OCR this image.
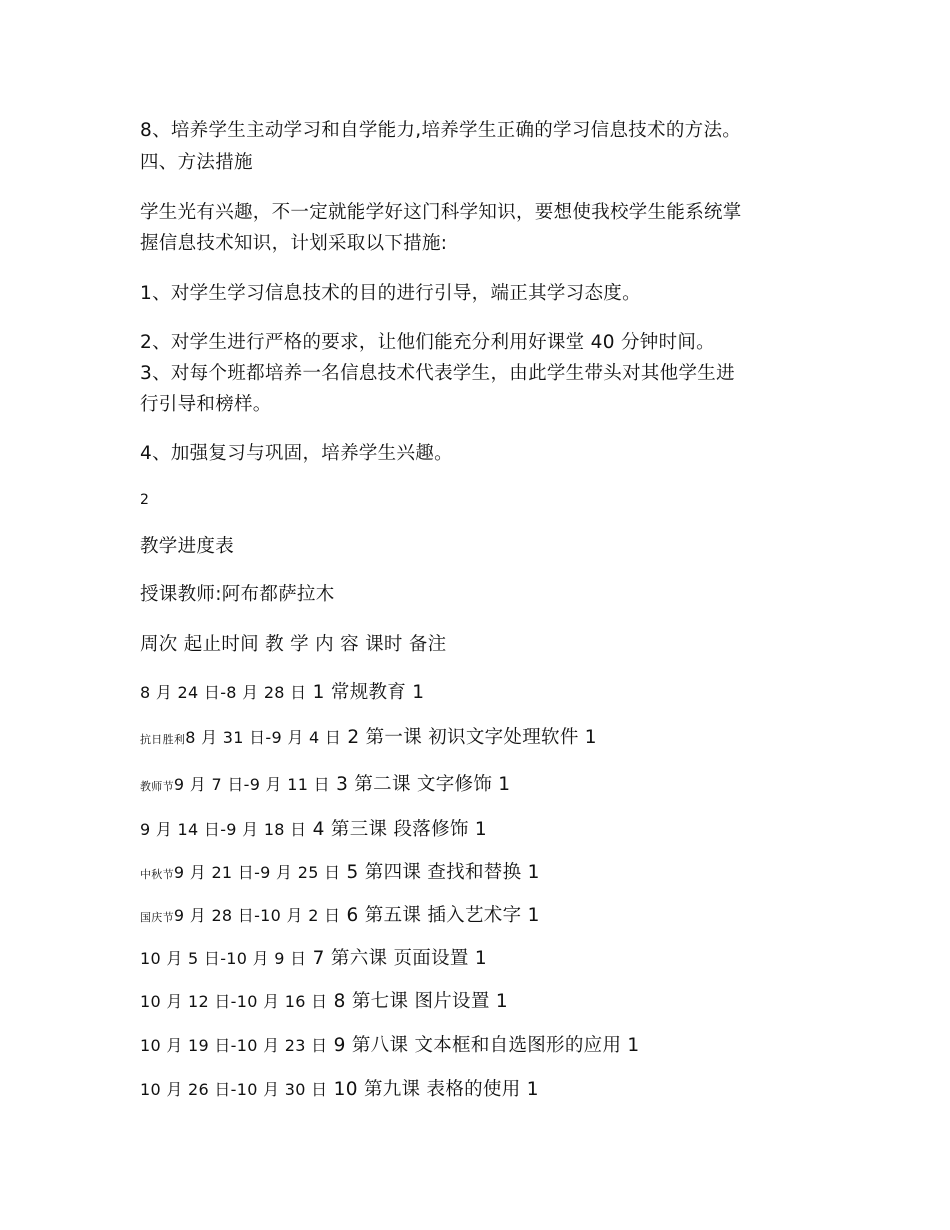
8、培养学生主动学习和自学能力,培养学生正确的学习信息技术的方法。
四、方法措施
学生光有兴趣，不一定就能学好这门科学知识，要想使我校学生能系统掌
握信息技术知识，计划采取以下措施:
1、对学生学习信息技术的目的进行引导，端正其学习态度。
2、对学生进行严格的要求，让他们能充分利用好课堂 40 分钟时间。
3、对每个班都培养一名信息技术代表学生，由此学生带头对其他学生进
行引导和榜样。
4、加强复习与巩固，培养学生兴趣。
2
教学进度表
授课教师:阿布都萨拉木
周次 起止时间 教 学 内 容 课时 备注
8 月 24 日-8 月 28 日 1 常规教育 1
抗日胜利8 月 31 日-9 月 4 日 2 第一课 初识文字处理软件 1
教师节9 月 7 日-9 月 11 日 3 第二课 文字修饰 1
9 月 14 日-9 月 18 日 4 第三课 段落修饰 1
中秋节9 月 21 日-9 月 25 日 5 第四课 查找和替换 1
国庆节9 月 28 日-10 月 2 日 6 第五课 插入艺术字 1
10 月 5 日-10 月 9 日 7 第六课 页面设置 1
10 月 12 日-10 月 16 日 8 第七课 图片设置 1
10 月 19 日-10 月 23 日 9 第八课 文本框和自选图形的应用 1
10 月 26 日-10 月 30 日 10 第九课 表格的使用 1
